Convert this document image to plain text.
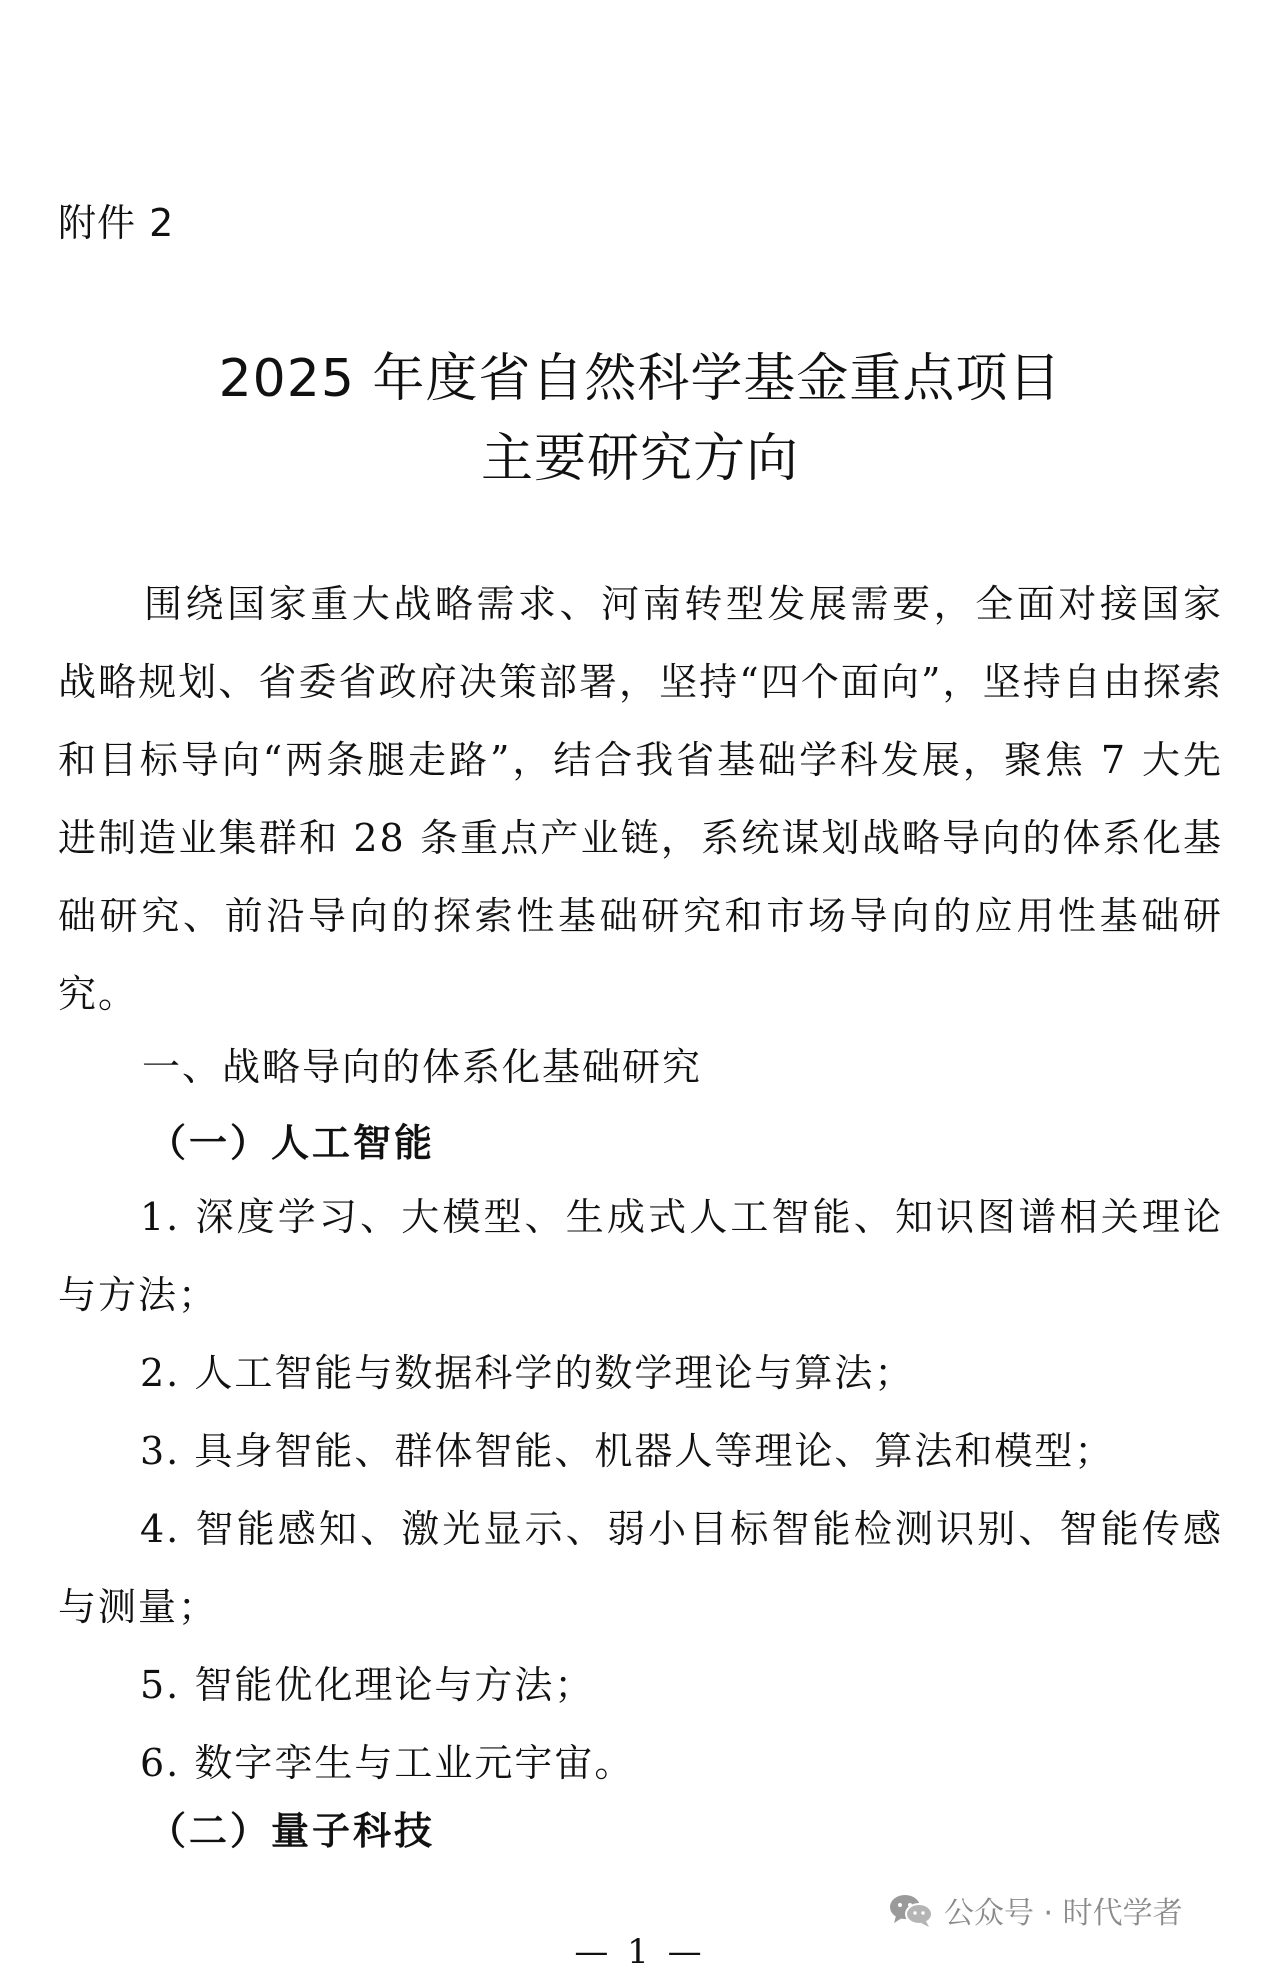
附件 2
2025 年度省自然科学基金重点项目
主要研究方向

围绕国家重大战略需求、河南转型发展需要，全面对接国家战略规划、省委省政府决策部署，坚持“四个面向”，坚持自由探索和目标导向“两条腿走路”，结合我省基础学科发展，聚焦 7 大先进制造业集群和 28 条重点产业链，系统谋划战略导向的体系化基础研究、前沿导向的探索性基础研究和市场导向的应用性基础研究。

一、战略导向的体系化基础研究
（一）人工智能
1. 深度学习、大模型、生成式人工智能、知识图谱相关理论与方法；
2. 人工智能与数据科学的数学理论与算法；
3. 具身智能、群体智能、机器人等理论、算法和模型；
4. 智能感知、激光显示、弱小目标智能检测识别、智能传感与测量；
5. 智能优化理论与方法；
6. 数字孪生与工业元宇宙。
（二）量子科技
公众号 · 时代学者
— 1 —
